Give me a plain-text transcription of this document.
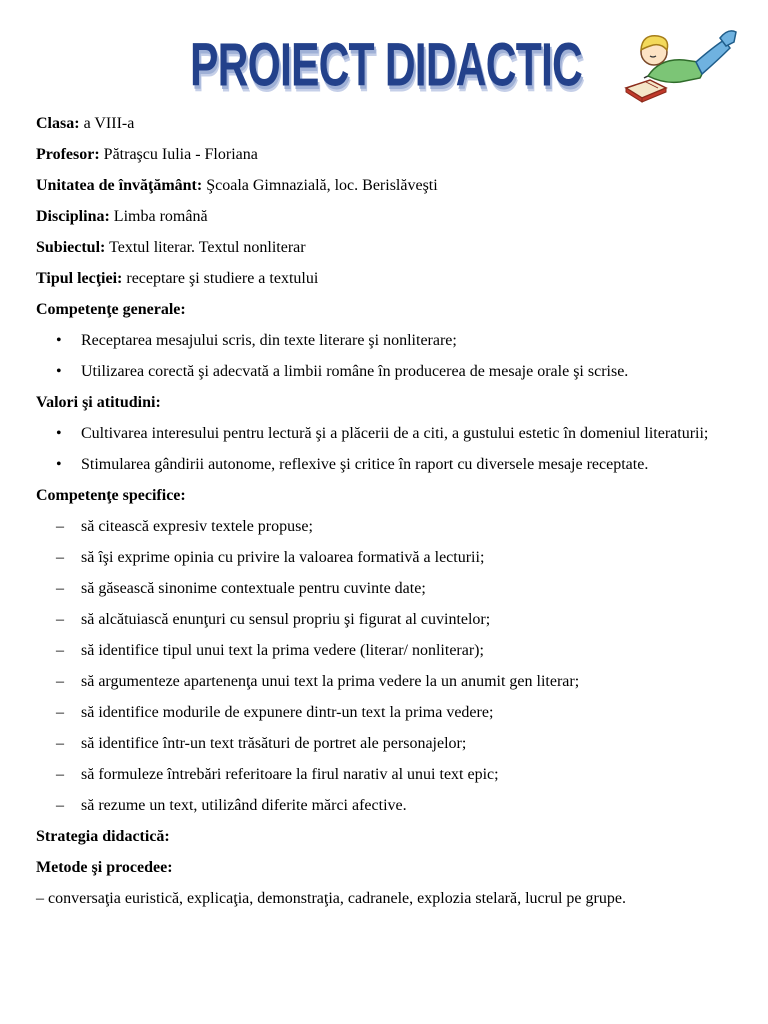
PROIECT DIDACTIC

Clasa: a VIII-a

Profesor: Pătraşcu Iulia - Floriana

Unitatea de învăţământ: Şcoala Gimnazială, loc. Berislăveşti

Disciplina: Limba română

Subiectul: Textul literar. Textul nonliterar

Tipul lecţiei: receptare şi studiere a textului

Competenţe generale:

• Receptarea mesajului scris, din texte literare şi nonliterare;
• Utilizarea corectă şi adecvată a limbii române în producerea de mesaje orale şi scrise.

Valori şi atitudini:

• Cultivarea interesului pentru lectură şi a plăcerii de a citi, a gustului estetic în domeniul literaturii;
• Stimularea gândirii autonome, reflexive şi critice în raport cu diversele mesaje receptate.

Competenţe specifice:

– să citească expresiv textele propuse;
– să îşi exprime opinia cu privire la valoarea formativă a lecturii;
– să găsească sinonime contextuale pentru cuvinte date;
– să alcătuiască enunţuri cu sensul propriu şi figurat al cuvintelor;
– să identifice tipul unui text la prima vedere (literar/ nonliterar);
– să argumenteze apartenenţa unui text la prima vedere la un anumit gen literar;
– să identifice modurile de expunere dintr-un text la prima vedere;
– să identifice într-un text trăsături de portret ale personajelor;
– să formuleze întrebări referitoare la firul narativ al unui text epic;
– să rezume un text, utilizând diferite mărci afective.

Strategia didactică:

Metode şi procedee:

– conversaţia euristică, explicaţia, demonstraţia, cadranele, explozia stelară, lucrul pe grupe.
